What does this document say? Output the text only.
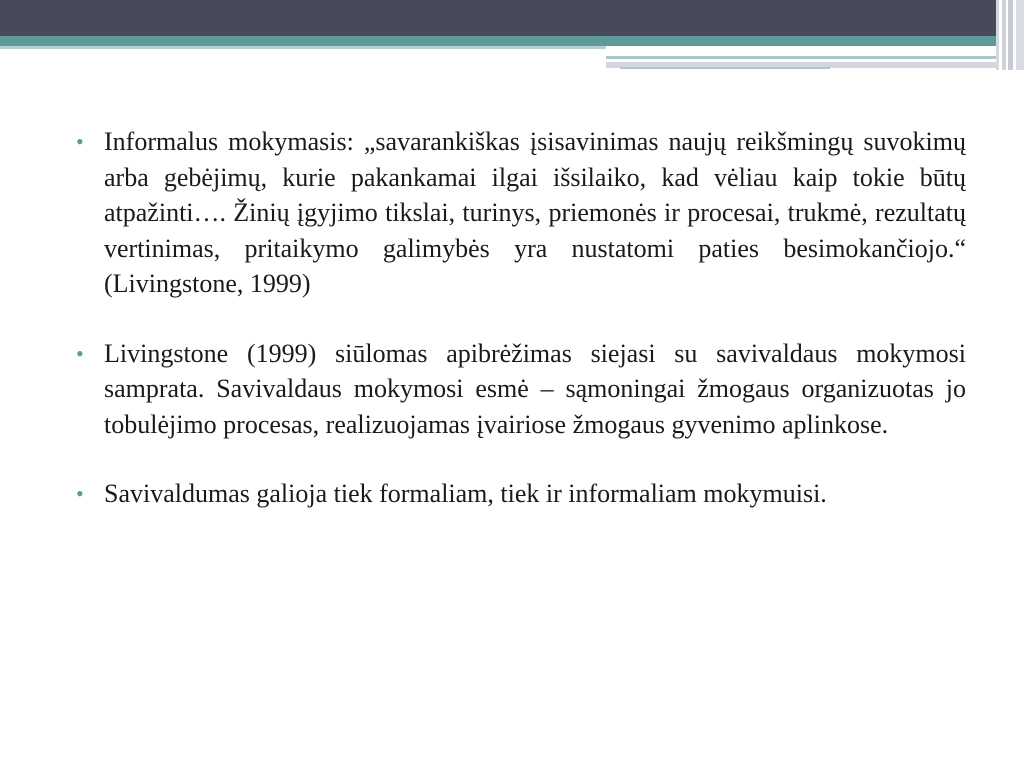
• Informalus mokymasis: „savarankiškas įsisavinimas naujų reikšmingų suvokimų arba gebėjimų, kurie pakankamai ilgai išsilaiko, kad vėliau kaip tokie būtų atpažinti…. Žinių įgyjimo tikslai, turinys, priemonės ir procesai, trukmė, rezultatų vertinimas, pritaikymo galimybės yra nustatomi paties besimokančiojo.“ (Livingstone, 1999)
• Livingstone (1999) siūlomas apibrėžimas siejasi su savivaldaus mokymosi samprata. Savivaldaus mokymosi esmė – sąmoningai žmogaus organizuotas jo tobulėjimo procesas, realizuojamas įvairiose žmogaus gyvenimo aplinkose.
• Savivaldumas galioja tiek formaliam, tiek ir informaliam mokymuisi.
